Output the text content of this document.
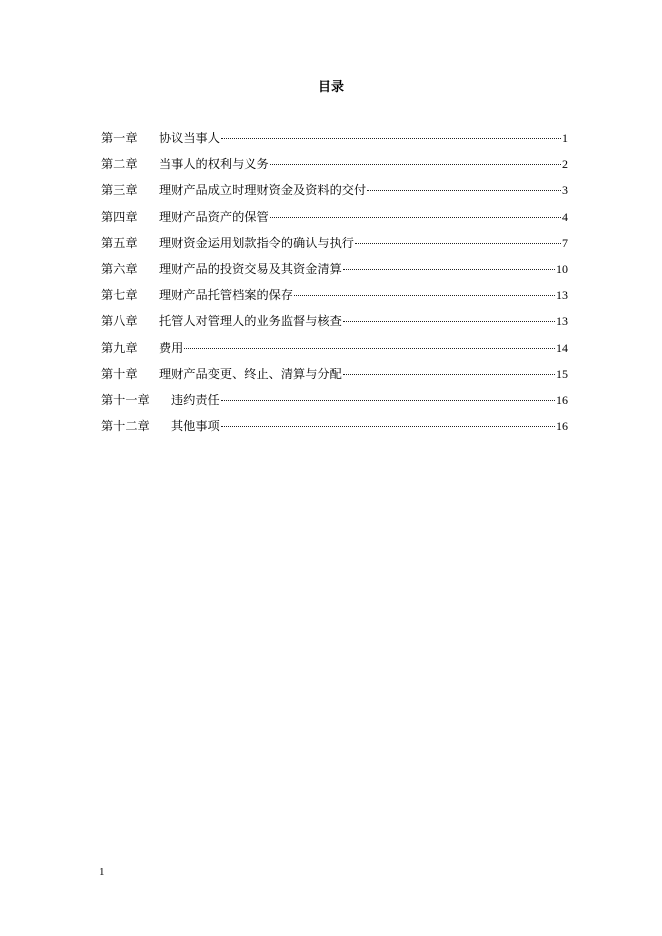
目录
第一章	协议当事人	1
第二章	当事人的权利与义务	2
第三章	理财产品成立时理财资金及资料的交付	3
第四章	理财产品资产的保管	4
第五章	理财资金运用划款指令的确认与执行	7
第六章	理财产品的投资交易及其资金清算	10
第七章	理财产品托管档案的保存	13
第八章	托管人对管理人的业务监督与核查	13
第九章	费用	14
第十章	理财产品变更、终止、清算与分配	15
第十一章	违约责任	16
第十二章	其他事项	16
1
